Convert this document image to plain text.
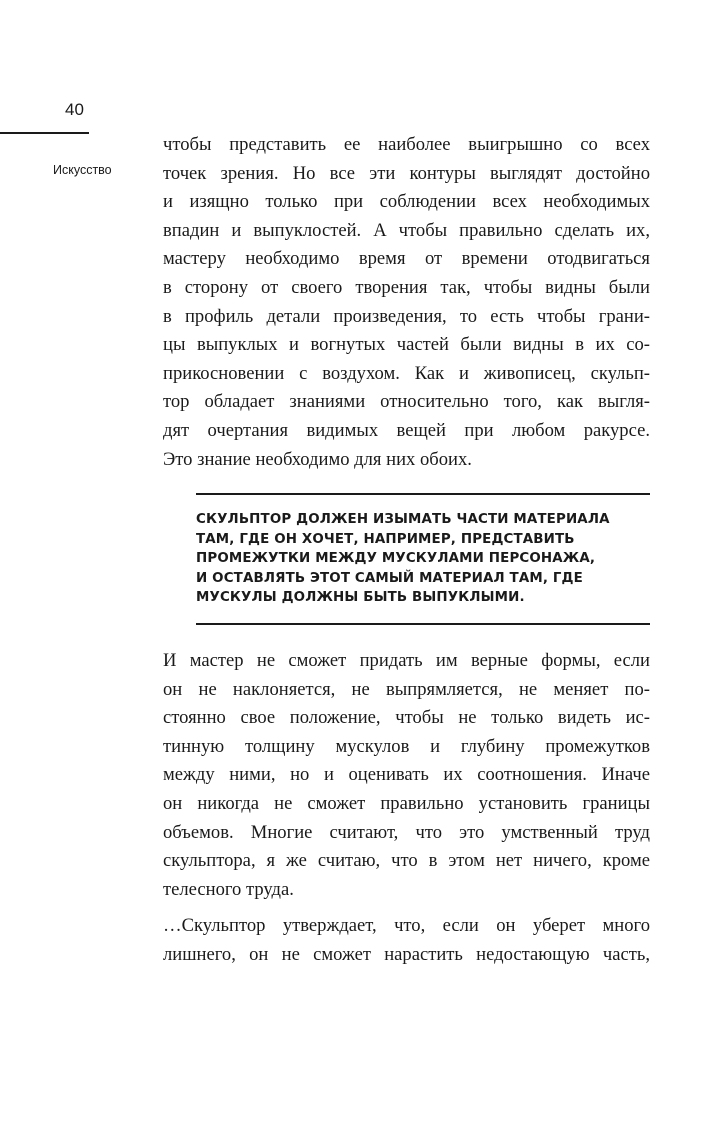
40
Искусство

чтобы представить ее наиболее выигрышно со всех
точек зрения. Но все эти контуры выглядят достойно
и изящно только при соблюдении всех необходимых
впадин и выпуклостей. А чтобы правильно сделать их,
мастеру необходимо время от времени отодвигаться
в сторону от своего творения так, чтобы видны были
в профиль детали произведения, то есть чтобы грани-
цы выпуклых и вогнутых частей были видны в их со-
прикосновении с воздухом. Как и живописец, скульп-
тор обладает знаниями относительно того, как выгля-
дят очертания видимых вещей при любом ракурсе.
Это знание необходимо для них обоих.

СКУЛЬПТОР ДОЛЖЕН ИЗЫМАТЬ ЧАСТИ МАТЕРИАЛА
ТАМ, ГДЕ ОН ХОЧЕТ, НАПРИМЕР, ПРЕДСТАВИТЬ
ПРОМЕЖУТКИ МЕЖДУ МУСКУЛАМИ ПЕРСОНАЖА,
И ОСТАВЛЯТЬ ЭТОТ САМЫЙ МАТЕРИАЛ ТАМ, ГДЕ
МУСКУЛЫ ДОЛЖНЫ БЫТЬ ВЫПУКЛЫМИ.

И мастер не сможет придать им верные формы, если
он не наклоняется, не выпрямляется, не меняет по-
стоянно свое положение, чтобы не только видеть ис-
тинную толщину мускулов и глубину промежутков
между ними, но и оценивать их соотношения. Иначе
он никогда не сможет правильно установить границы
объемов. Многие считают, что это умственный труд
скульптора, я же считаю, что в этом нет ничего, кроме
телесного труда.

…Скульптор утверждает, что, если он уберет много
лишнего, он не сможет нарастить недостающую часть,
